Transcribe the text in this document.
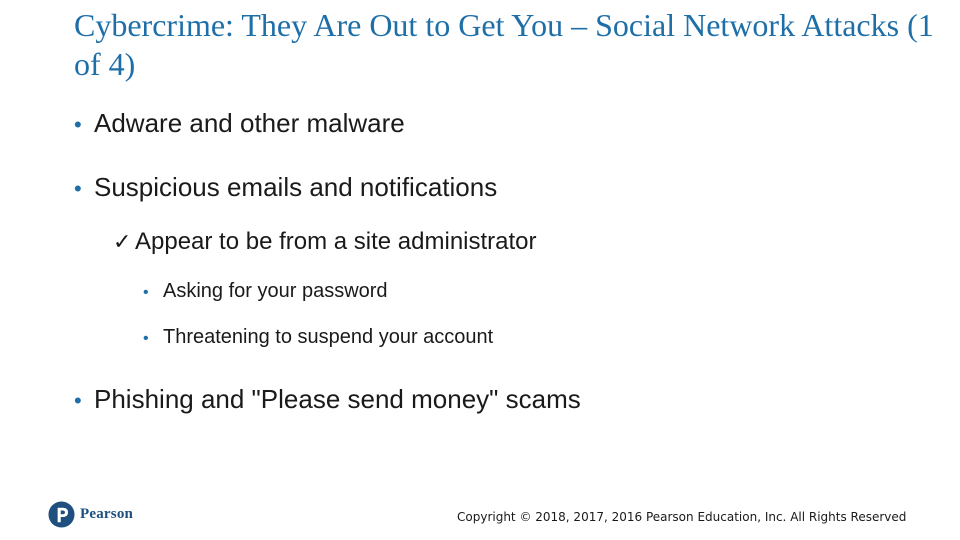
Cybercrime: They Are Out to Get You – Social Network Attacks (1 of 4)
• Adware and other malware
• Suspicious emails and notifications
✓ Appear to be from a site administrator
• Asking for your password
• Threatening to suspend your account
• Phishing and "Please send money" scams
Pearson	Copyright © 2018, 2017, 2016 Pearson Education, Inc. All Rights Reserved
